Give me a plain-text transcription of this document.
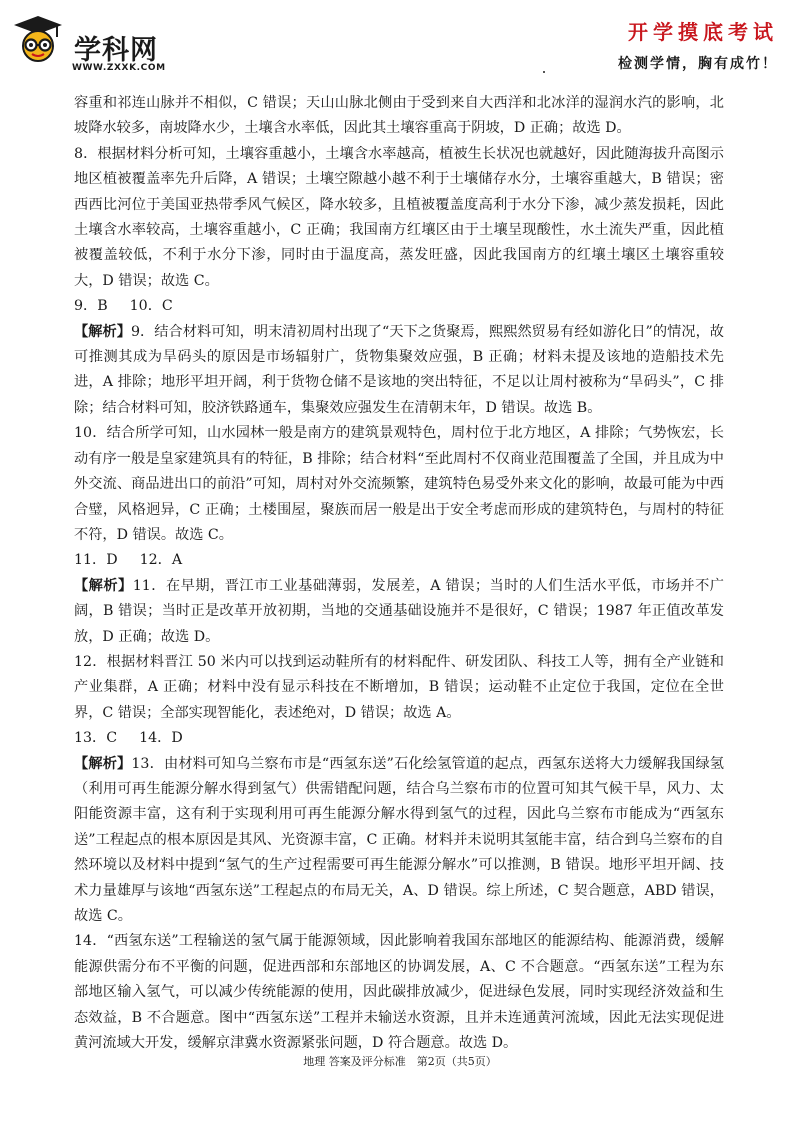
学科网
WWW.ZXXK.COM
开学摸底考试
检测学情，胸有成竹！

容重和祁连山脉并不相似，C 错误；天山山脉北侧由于受到来自大西洋和北冰洋的湿润水汽的影响，北坡降水较多，南坡降水少，土壤含水率低，因此其土壤容重高于阴坡，D 正确；故选 D。

8．根据材料分析可知，土壤容重越小，土壤含水率越高，植被生长状况也就越好，因此随海拔升高图示地区植被覆盖率先升后降，A 错误；土壤空隙越小越不利于土壤储存水分，土壤容重越大，B 错误；密西西比河位于美国亚热带季风气候区，降水较多，且植被覆盖度高利于水分下渗，减少蒸发损耗，因此土壤含水率较高，土壤容重越小，C 正确；我国南方红壤区由于土壤呈现酸性，水土流失严重，因此植被覆盖较低，不利于水分下渗，同时由于温度高，蒸发旺盛，因此我国南方的红壤土壤区土壤容重较大，D 错误；故选 C。

9．B 10．C

【解析】9．结合材料可知，明末清初周村出现了“天下之货聚焉，熙熙然贸易有经如游化日”的情况，故可推测其成为旱码头的原因是市场辐射广，货物集聚效应强，B 正确；材料未提及该地的造船技术先进，A 排除；地形平坦开阔，利于货物仓储不是该地的突出特征，不足以让周村被称为“旱码头”，C 排除；结合材料可知，胶济铁路通车，集聚效应强发生在清朝末年，D 错误。故选 B。

10．结合所学可知，山水园林一般是南方的建筑景观特色，周村位于北方地区，A 排除；气势恢宏，长动有序一般是皇家建筑具有的特征，B 排除；结合材料“至此周村不仅商业范围覆盖了全国，并且成为中外交流、商品进出口的前沿”可知，周村对外交流频繁，建筑特色易受外来文化的影响，故最可能为中西合璧，风格迥异，C 正确；土楼围屋，聚族而居一般是出于安全考虑而形成的建筑特色，与周村的特征不符，D 错误。故选 C。

11．D 12．A

【解析】11．在早期，晋江市工业基础薄弱，发展差，A 错误；当时的人们生活水平低，市场并不广阔，B 错误；当时正是改革开放初期，当地的交通基础设施并不是很好，C 错误；1987 年正值改革发放，D 正确；故选 D。

12．根据材料晋江 50 米内可以找到运动鞋所有的材料配件、研发团队、科技工人等，拥有全产业链和产业集群，A 正确；材料中没有显示科技在不断增加，B 错误；运动鞋不止定位于我国，定位在全世界，C 错误；全部实现智能化，表述绝对，D 错误；故选 A。

13．C 14．D

【解析】13．由材料可知乌兰察布市是“西氢东送”石化绘氢管道的起点，西氢东送将大力缓解我国绿氢（利用可再生能源分解水得到氢气）供需错配问题，结合乌兰察布市的位置可知其气候干旱，风力、太阳能资源丰富，这有利于实现利用可再生能源分解水得到氢气的过程，因此乌兰察布市能成为“西氢东送”工程起点的根本原因是其风、光资源丰富，C 正确。材料并未说明其氢能丰富，结合到乌兰察布的自然环境以及材料中提到“氢气的生产过程需要可再生能源分解水”可以推测，B 错误。地形平坦开阔、技术力量雄厚与该地“西氢东送”工程起点的布局无关，A、D 错误。综上所述，C 契合题意，ABD 错误，故选 C。

14．“西氢东送”工程输送的氢气属于能源领域，因此影响着我国东部地区的能源结构、能源消费，缓解能源供需分布不平衡的问题，促进西部和东部地区的协调发展，A、C 不合题意。“西氢东送”工程为东部地区输入氢气，可以减少传统能源的使用，因此碳排放减少，促进绿色发展，同时实现经济效益和生态效益，B 不合题意。图中“西氢东送”工程并未输送水资源，且并未连通黄河流域，因此无法实现促进黄河流域大开发，缓解京津冀水资源紧张问题，D 符合题意。故选 D。

地理 答案及评分标准　第2页（共5页）
